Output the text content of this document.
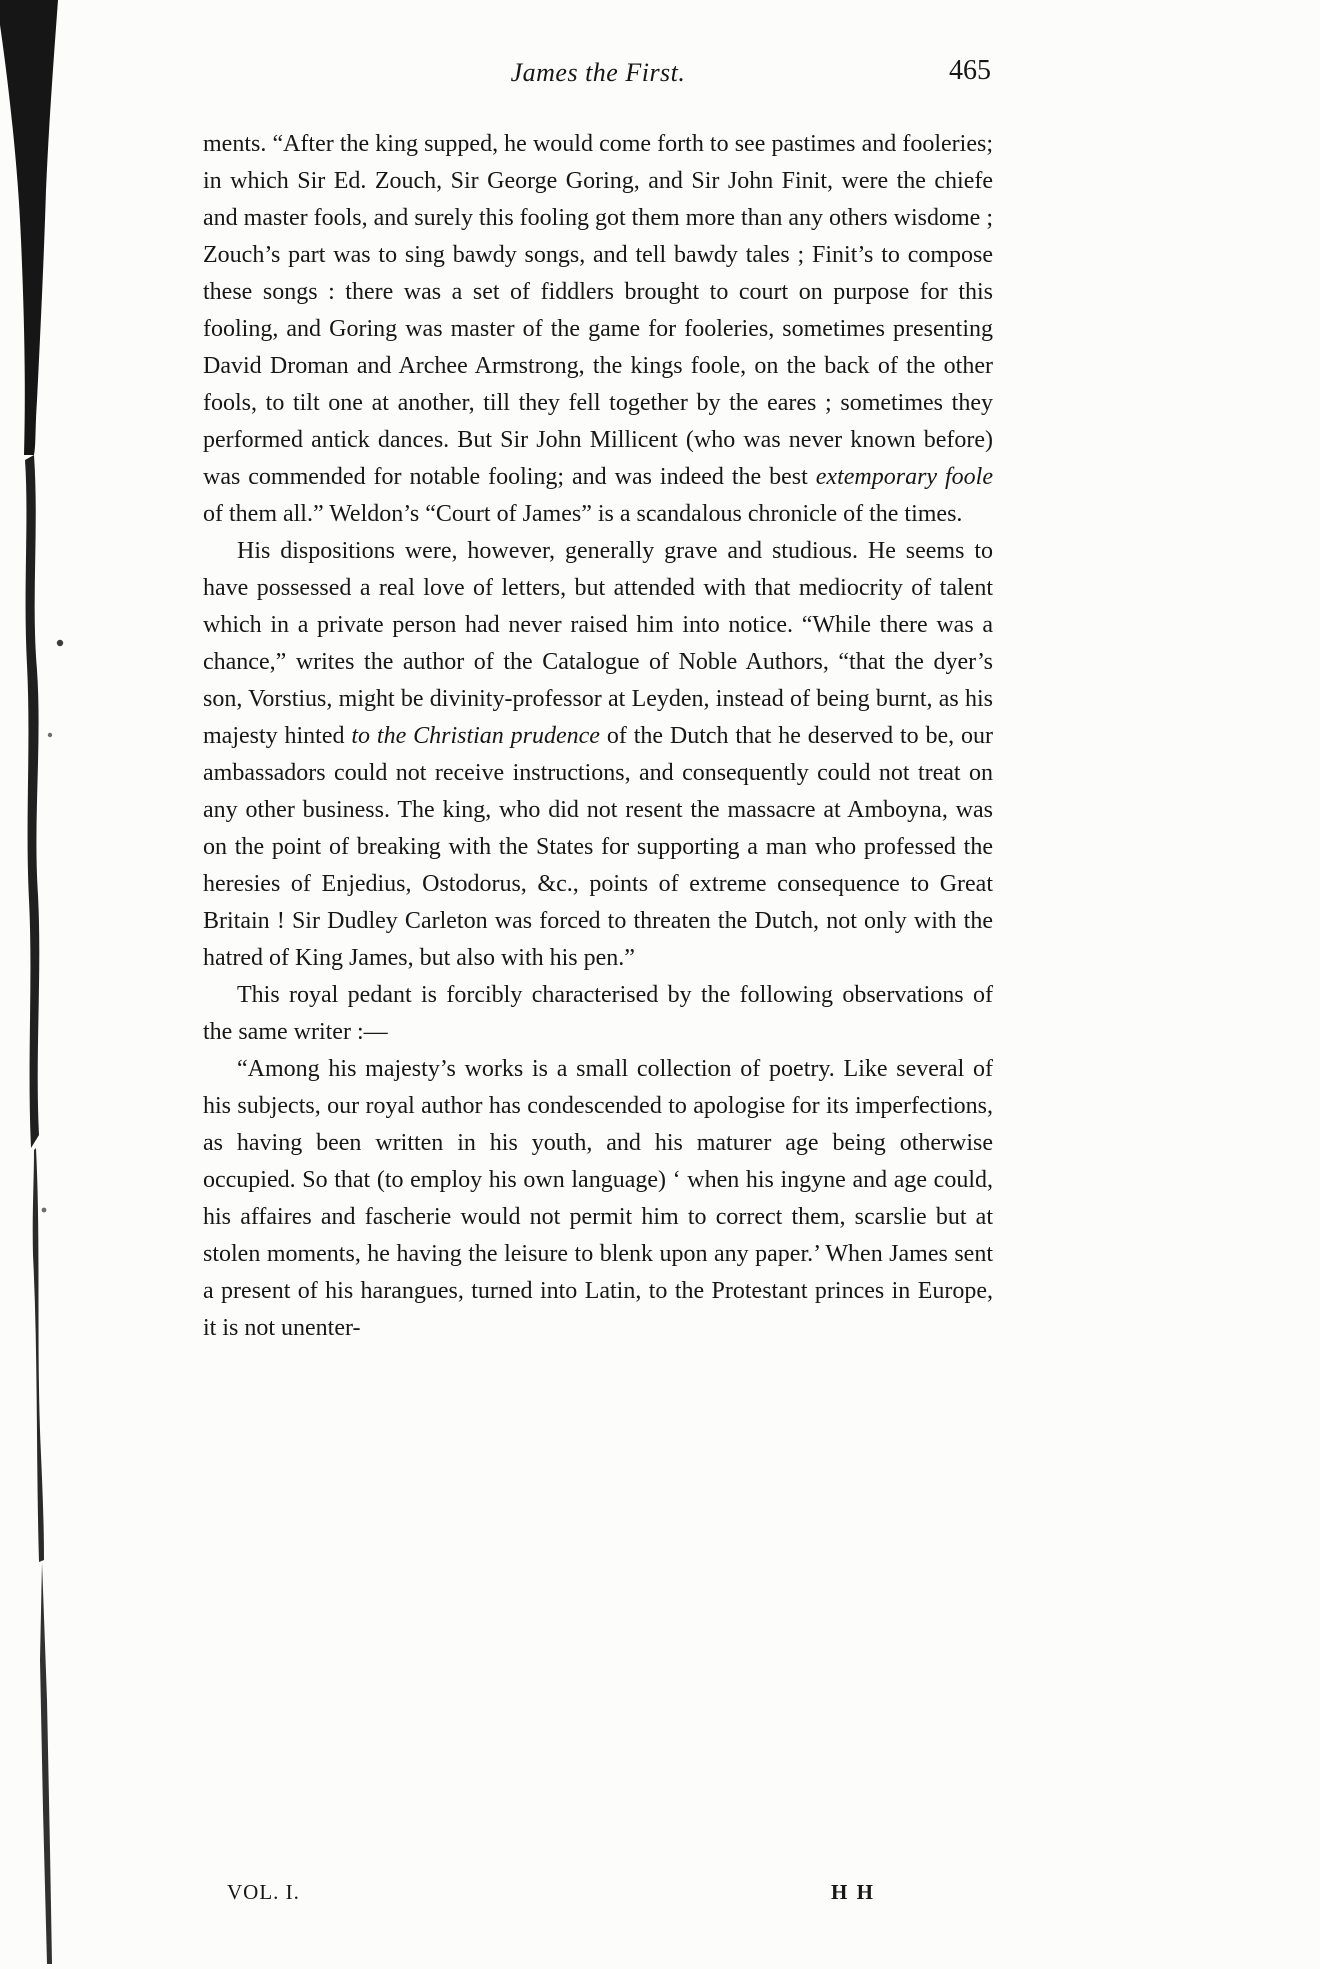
James the First.	465

ments. “After the king supped, he would come forth to see pastimes and fooleries; in which Sir Ed. Zouch, Sir George Goring, and Sir John Finit, were the chiefe and master fools, and surely this fooling got them more than any others wisdome ; Zouch’s part was to sing bawdy songs, and tell bawdy tales ; Finit’s to compose these songs : there was a set of fiddlers brought to court on purpose for this fooling, and Goring was master of the game for fooleries, sometimes presenting David Droman and Archee Armstrong, the kings foole, on the back of the other fools, to tilt one at another, till they fell together by the eares ; sometimes they performed antick dances. But Sir John Millicent (who was never known before) was commended for notable fooling; and was indeed the best extemporary foole of them all.” Weldon’s “Court of James” is a scandalous chronicle of the times.

His dispositions were, however, generally grave and studious. He seems to have possessed a real love of letters, but attended with that mediocrity of talent which in a private person had never raised him into notice. “While there was a chance,” writes the author of the Catalogue of Noble Authors, “that the dyer’s son, Vorstius, might be divinity-professor at Leyden, instead of being burnt, as his majesty hinted to the Christian prudence of the Dutch that he deserved to be, our ambassadors could not receive instructions, and consequently could not treat on any other business. The king, who did not resent the massacre at Amboyna, was on the point of breaking with the States for supporting a man who professed the heresies of Enjedius, Ostodorus, &c., points of extreme consequence to Great Britain ! Sir Dudley Carleton was forced to threaten the Dutch, not only with the hatred of King James, but also with his pen.”

This royal pedant is forcibly characterised by the following observations of the same writer :—

“Among his majesty’s works is a small collection of poetry. Like several of his subjects, our royal author has condescended to apologise for its imperfections, as having been written in his youth, and his maturer age being otherwise occupied. So that (to employ his own language) ‘ when his ingyne and age could, his affaires and fascherie would not permit him to correct them, scarslie but at stolen moments, he having the leisure to blenk upon any paper.’ When James sent a present of his harangues, turned into Latin, to the Protestant princes in Europe, it is not unenter-

VOL. I.	H H
